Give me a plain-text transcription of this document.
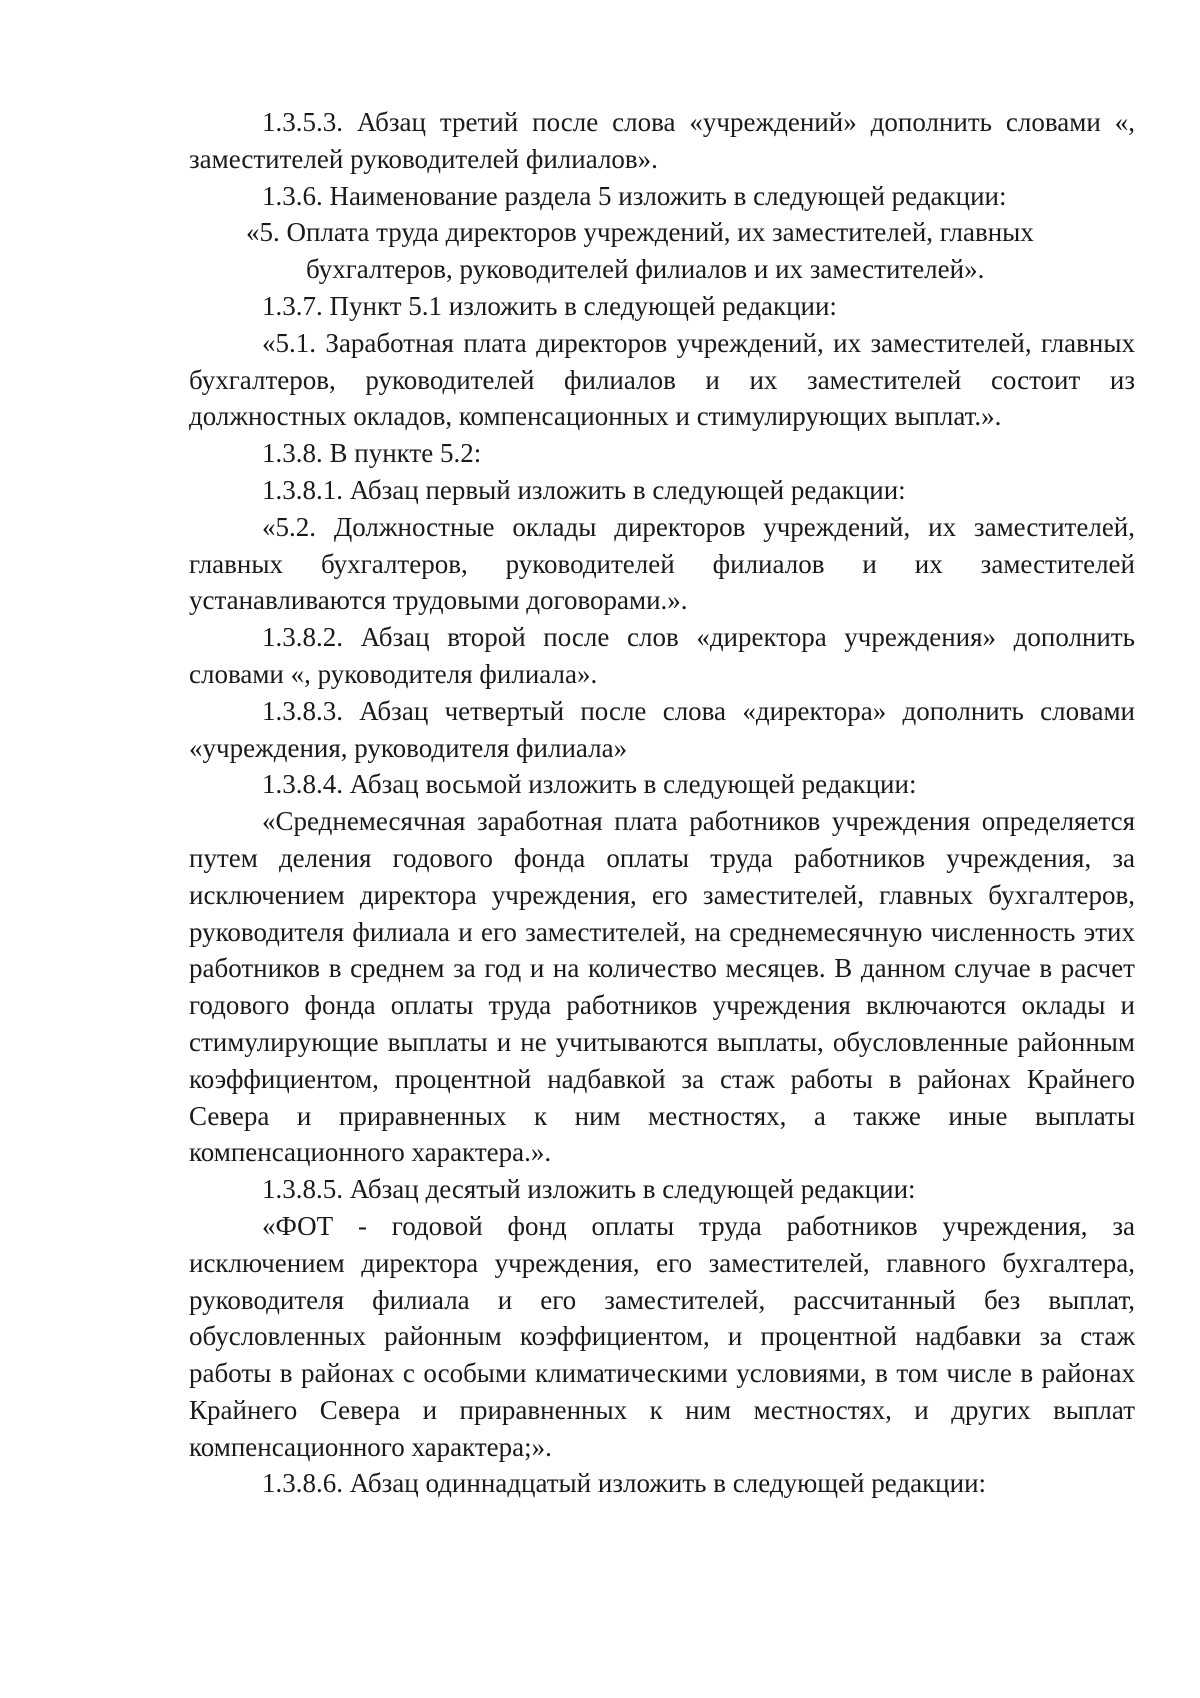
1.3.5.3. Абзац третий после слова «учреждений» дополнить словами «, заместителей руководителей филиалов».

1.3.6. Наименование раздела 5 изложить в следующей редакции:

«5. Оплата труда директоров учреждений, их заместителей, главных
бухгалтеров, руководителей филиалов и их заместителей».

1.3.7. Пункт 5.1 изложить в следующей редакции:

«5.1. Заработная плата директоров учреждений, их заместителей, главных бухгалтеров, руководителей филиалов и их заместителей состоит из должностных окладов, компенсационных и стимулирующих выплат.».

1.3.8. В пункте 5.2:

1.3.8.1. Абзац первый изложить в следующей редакции:

«5.2. Должностные оклады директоров учреждений, их заместителей, главных бухгалтеров, руководителей филиалов и их заместителей устанавливаются трудовыми договорами.».

1.3.8.2. Абзац второй после слов «директора учреждения» дополнить словами «, руководителя филиала».

1.3.8.3. Абзац четвертый после слова «директора» дополнить словами «учреждения, руководителя филиала»

1.3.8.4. Абзац восьмой изложить в следующей редакции:

«Среднемесячная заработная плата работников учреждения определяется путем деления годового фонда оплаты труда работников учреждения, за исключением директора учреждения, его заместителей, главных бухгалтеров, руководителя филиала и его заместителей, на среднемесячную численность этих работников в среднем за год и на количество месяцев. В данном случае в расчет годового фонда оплаты труда работников учреждения включаются оклады и стимулирующие выплаты и не учитываются выплаты, обусловленные районным коэффициентом, процентной надбавкой за стаж работы в районах Крайнего Севера и приравненных к ним местностях, а также иные выплаты компенсационного характера.».

1.3.8.5. Абзац десятый изложить в следующей редакции:

«ФОТ - годовой фонд оплаты труда работников учреждения, за исключением директора учреждения, его заместителей, главного бухгалтера, руководителя филиала и его заместителей, рассчитанный без выплат, обусловленных районным коэффициентом, и процентной надбавки за стаж работы в районах с особыми климатическими условиями, в том числе в районах Крайнего Севера и приравненных к ним местностях, и других выплат компенсационного характера;».

1.3.8.6. Абзац одиннадцатый изложить в следующей редакции:
